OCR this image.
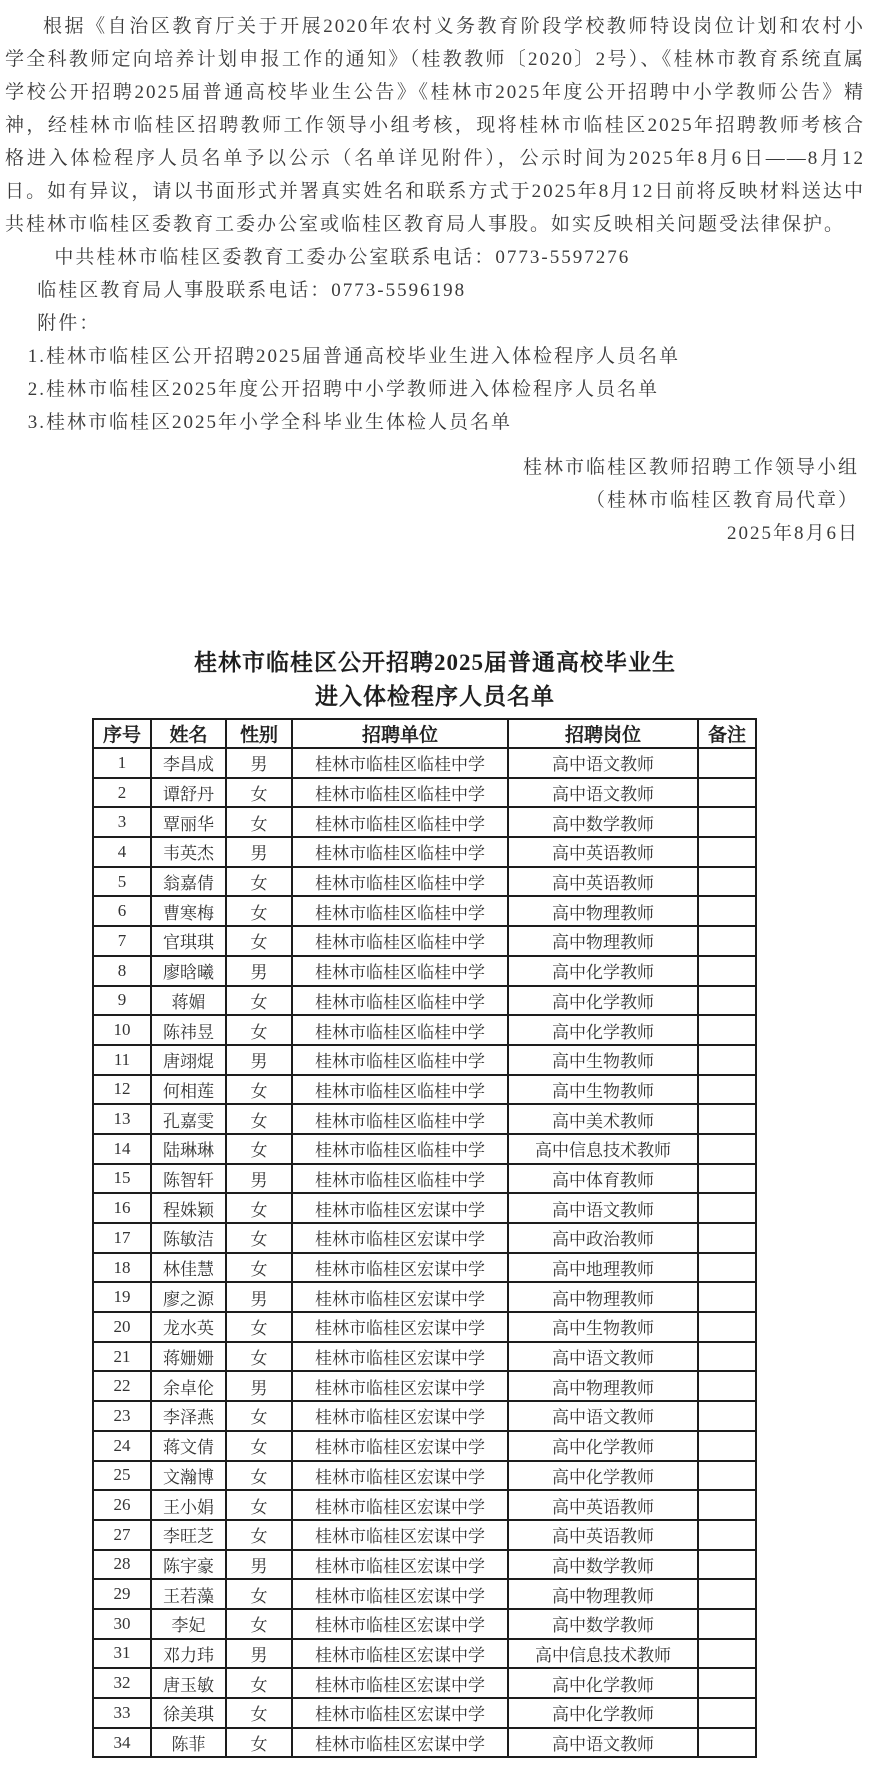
根据《自治区教育厅关于开展2020年农村义务教育阶段学校教师特设岗位计划和农村小学全科教师定向培养计划申报工作的通知》（桂教教师〔2020〕2号）、《桂林市教育系统直属学校公开招聘2025届普通高校毕业生公告》《桂林市2025年度公开招聘中小学教师公告》精神，经桂林市临桂区招聘教师工作领导小组考核，现将桂林市临桂区2025年招聘教师考核合格进入体检程序人员名单予以公示（名单详见附件），公示时间为2025年8月6日——8月12日。如有异议，请以书面形式并署真实姓名和联系方式于2025年8月12日前将反映材料送达中共桂林市临桂区委教育工委办公室或临桂区教育局人事股。如实反映相关问题受法律保护。

中共桂林市临桂区委教育工委办公室联系电话：0773-5597276

临桂区教育局人事股联系电话：0773-5596198

附件：

1.桂林市临桂区公开招聘2025届普通高校毕业生进入体检程序人员名单

2.桂林市临桂区2025年度公开招聘中小学教师进入体检程序人员名单

3.桂林市临桂区2025年小学全科毕业生体检人员名单

桂林市临桂区教师招聘工作领导小组

（桂林市临桂区教育局代章）

2025年8月6日

桂林市临桂区公开招聘2025届普通高校毕业生
进入体检程序人员名单
序号	姓名	性别	招聘单位	招聘岗位	备注
1	李昌成	男	桂林市临桂区临桂中学	高中语文教师	
2	谭舒丹	女	桂林市临桂区临桂中学	高中语文教师	
3	覃丽华	女	桂林市临桂区临桂中学	高中数学教师	
4	韦英杰	男	桂林市临桂区临桂中学	高中英语教师	
5	翁嘉倩	女	桂林市临桂区临桂中学	高中英语教师	
6	曹寒梅	女	桂林市临桂区临桂中学	高中物理教师	
7	官琪琪	女	桂林市临桂区临桂中学	高中物理教师	
8	廖晗曦	男	桂林市临桂区临桂中学	高中化学教师	
9	蒋媚	女	桂林市临桂区临桂中学	高中化学教师	
10	陈祎昱	女	桂林市临桂区临桂中学	高中化学教师	
11	唐翊焜	男	桂林市临桂区临桂中学	高中生物教师	
12	何相莲	女	桂林市临桂区临桂中学	高中生物教师	
13	孔嘉雯	女	桂林市临桂区临桂中学	高中美术教师	
14	陆琳琳	女	桂林市临桂区临桂中学	高中信息技术教师	
15	陈智轩	男	桂林市临桂区临桂中学	高中体育教师	
16	程姝颖	女	桂林市临桂区宏谋中学	高中语文教师	
17	陈敏洁	女	桂林市临桂区宏谋中学	高中政治教师	
18	林佳慧	女	桂林市临桂区宏谋中学	高中地理教师	
19	廖之源	男	桂林市临桂区宏谋中学	高中物理教师	
20	龙水英	女	桂林市临桂区宏谋中学	高中生物教师	
21	蒋姗姗	女	桂林市临桂区宏谋中学	高中语文教师	
22	余卓伦	男	桂林市临桂区宏谋中学	高中物理教师	
23	李泽燕	女	桂林市临桂区宏谋中学	高中语文教师	
24	蒋文倩	女	桂林市临桂区宏谋中学	高中化学教师	
25	文瀚博	女	桂林市临桂区宏谋中学	高中化学教师	
26	王小娟	女	桂林市临桂区宏谋中学	高中英语教师	
27	李旺芝	女	桂林市临桂区宏谋中学	高中英语教师	
28	陈宇豪	男	桂林市临桂区宏谋中学	高中数学教师	
29	王若藻	女	桂林市临桂区宏谋中学	高中物理教师	
30	李妃	女	桂林市临桂区宏谋中学	高中数学教师	
31	邓力玮	男	桂林市临桂区宏谋中学	高中信息技术教师	
32	唐玉敏	女	桂林市临桂区宏谋中学	高中化学教师	
33	徐美琪	女	桂林市临桂区宏谋中学	高中化学教师	
34	陈菲	女	桂林市临桂区宏谋中学	高中语文教师	
